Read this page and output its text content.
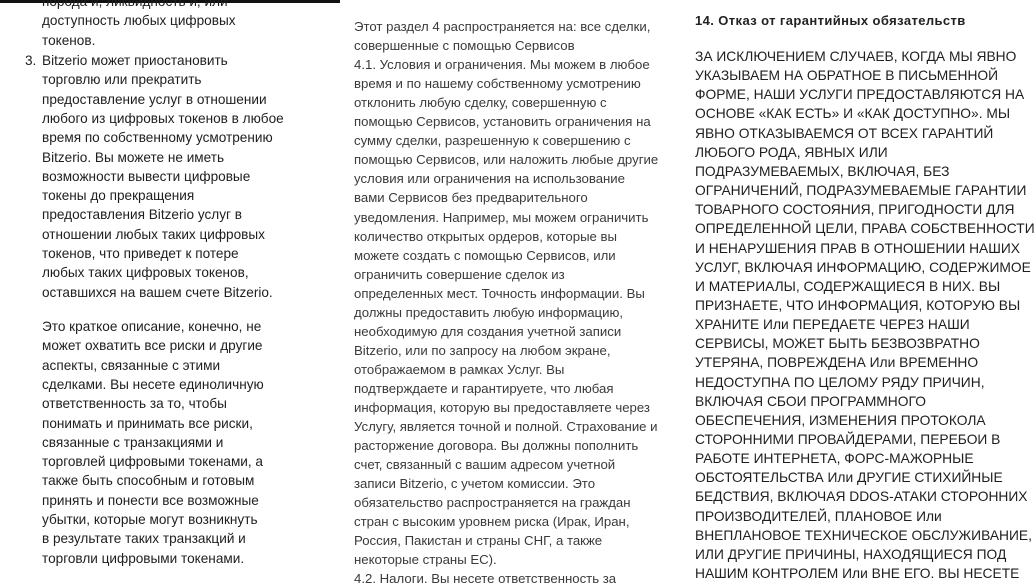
порода и, ликвидность и, или
доступность любых цифровых
токенов.
3. Bitzerio может приостановить
торговлю или прекратить
предоставление услуг в отношении
любого из цифровых токенов в любое
время по собственному усмотрению
Bitzerio. Вы можете не иметь
возможности вывести цифровые
токены до прекращения
предоставления Bitzerio услуг в
отношении любых таких цифровых
токенов, что приведет к потере
любых таких цифровых токенов,
оставшихся на вашем счете Bitzerio.
Это краткое описание, конечно, не
может охватить все риски и другие
аспекты, связанные с этими
сделками. Вы несете единоличную
ответственность за то, чтобы
понимать и принимать все риски,
связанные с транзакциями и
торговлей цифровыми токенами, а
также быть способным и готовым
принять и понести все возможные
убытки, которые могут возникнуть
в результате таких транзакций и
торговли цифровыми токенами.
Этот раздел 4 распространяется на: все сделки,
совершенные с помощью Сервисов
4.1. Условия и ограничения. Мы можем в любое
время и по нашему собственному усмотрению
отклонить любую сделку, совершенную с
помощью Сервисов, установить ограничения на
сумму сделки, разрешенную к совершению с
помощью Сервисов, или наложить любые другие
условия или ограничения на использование
вами Сервисов без предварительного
уведомления. Например, мы можем ограничить
количество открытых ордеров, которые вы
можете создать с помощью Сервисов, или
ограничить совершение сделок из
определенных мест. Точность информации. Вы
должны предоставить любую информацию,
необходимую для создания учетной записи
Bitzerio, или по запросу на любом экране,
отображаемом в рамках Услуг. Вы
подтверждаете и гарантируете, что любая
информация, которую вы предоставляете через
Услугу, является точной и полной. Страхование и
расторжение договора. Вы должны пополнить
счет, связанный с вашим адресом учетной
записи Bitzerio, с учетом комиссии. Это
обязательство распространяется на граждан
стран с высоким уровнем риска (Ирак, Иран,
Россия, Пакистан и страны СНГ, а также
некоторые страны ЕС).
4.2. Налоги. Вы несете ответственность за
14. Отказ от гарантийных обязательств
ЗА ИСКЛЮЧЕНИЕМ СЛУЧАЕВ, КОГДА МЫ ЯВНО
УКАЗЫВАЕМ НА ОБРАТНОЕ В ПИСЬМЕННОЙ
ФОРМЕ, НАШИ УСЛУГИ ПРЕДОСТАВЛЯЮТСЯ НА
ОСНОВЕ «КАК ЕСТЬ» И «КАК ДОСТУПНО». МЫ
ЯВНО ОТКАЗЫВАЕМСЯ ОТ ВСЕХ ГАРАНТИЙ
ЛЮБОГО РОДА, ЯВНЫХ ИЛИ
ПОДРАЗУМЕВАЕМЫХ, ВКЛЮЧАЯ, БЕЗ
ОГРАНИЧЕНИЙ, ПОДРАЗУМЕВАЕМЫЕ ГАРАНТИИ
ТОВАРНОГО СОСТОЯНИЯ, ПРИГОДНОСТИ ДЛЯ
ОПРЕДЕЛЕННОЙ ЦЕЛИ, ПРАВА СОБСТВЕННОСТИ
И НЕНАРУШЕНИЯ ПРАВ В ОТНОШЕНИИ НАШИХ
УСЛУГ, ВКЛЮЧАЯ ИНФОРМАЦИЮ, СОДЕРЖИМОЕ
И МАТЕРИАЛЫ, СОДЕРЖАЩИЕСЯ В НИХ. ВЫ
ПРИЗНАЕТЕ, ЧТО ИНФОРМАЦИЯ, КОТОРУЮ ВЫ
ХРАНИТЕ Или ПЕРЕДАЕТЕ ЧЕРЕЗ НАШИ
СЕРВИСЫ, МОЖЕТ БЫТЬ БЕЗВОЗВРАТНО
УТЕРЯНА, ПОВРЕЖДЕНА Или ВРЕМЕННО
НЕДОСТУПНА ПО ЦЕЛОМУ РЯДУ ПРИЧИН,
ВКЛЮЧАЯ СБОИ ПРОГРАММНОГО
ОБЕСПЕЧЕНИЯ, ИЗМЕНЕНИЯ ПРОТОКОЛА
СТОРОННИМИ ПРОВАЙДЕРАМИ, ПЕРЕБОИ В
РАБОТЕ ИНТЕРНЕТА, ФОРС-МАЖОРНЫЕ
ОБСТОЯТЕЛЬСТВА Или ДРУГИЕ СТИХИЙНЫЕ
БЕДСТВИЯ, ВКЛЮЧАЯ DDOS-АТАКИ СТОРОННИХ
ПРОИЗВОДИТЕЛЕЙ, ПЛАНОВОЕ Или
ВНЕПЛАНОВОЕ ТЕХНИЧЕСКОЕ ОБСЛУЖИВАНИЕ,
ИЛИ ДРУГИЕ ПРИЧИНЫ, НАХОДЯЩИЕСЯ ПОД
НАШИМ КОНТРОЛЕМ Или ВНЕ ЕГО. ВЫ НЕСЕТЕ
